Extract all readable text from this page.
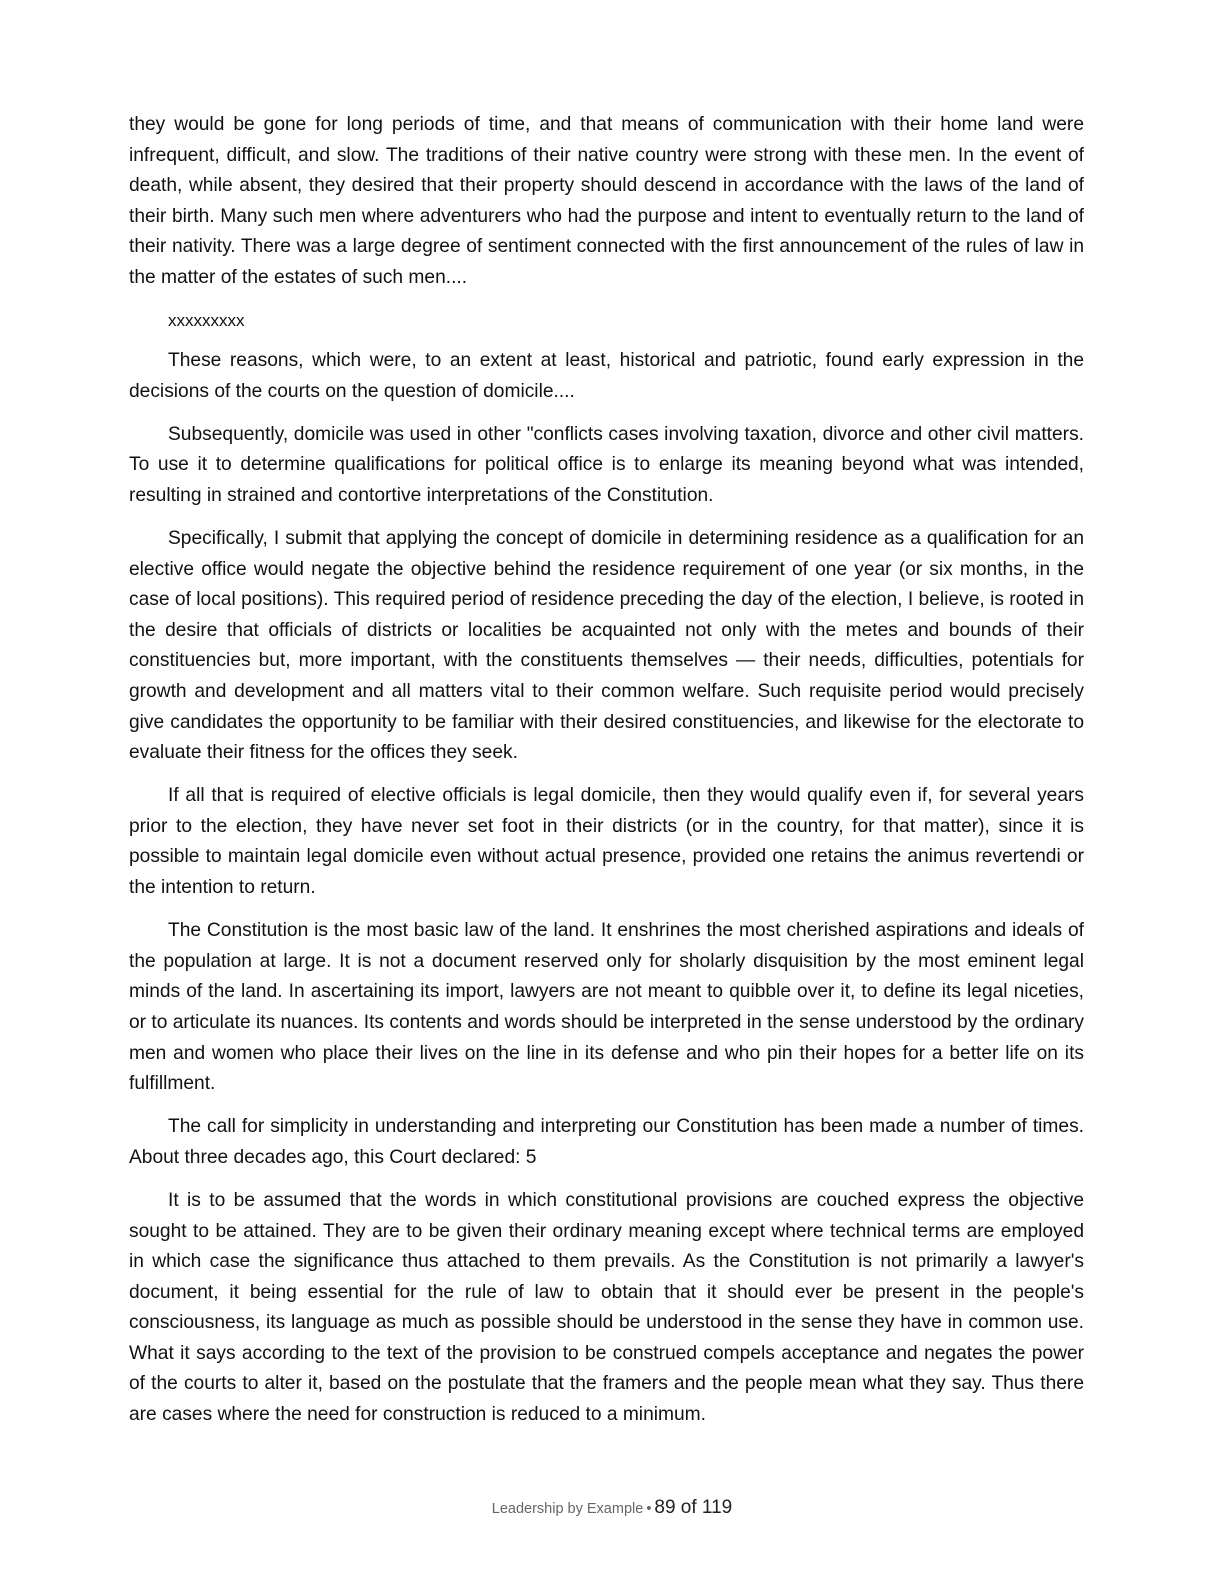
they would be gone for long periods of time, and that means of communication with their home land were infrequent, difficult, and slow. The traditions of their native country were strong with these men. In the event of death, while absent, they desired that their property should descend in accordance with the laws of the land of their birth. Many such men where adventurers who had the purpose and intent to eventually return to the land of their nativity. There was a large degree of sentiment connected with the first announcement of the rules of law in the matter of the estates of such men....

xxxxxxxxx

These reasons, which were, to an extent at least, historical and patriotic, found early expression in the decisions of the courts on the question of domicile....

Subsequently, domicile was used in other "conflicts cases involving taxation, divorce and other civil matters. To use it to determine qualifications for political office is to enlarge its meaning beyond what was intended, resulting in strained and contortive interpretations of the Constitution.

Specifically, I submit that applying the concept of domicile in determining residence as a qualification for an elective office would negate the objective behind the residence requirement of one year (or six months, in the case of local positions). This required period of residence preceding the day of the election, I believe, is rooted in the desire that officials of districts or localities be acquainted not only with the metes and bounds of their constituencies but, more important, with the constituents themselves — their needs, difficulties, potentials for growth and development and all matters vital to their common welfare. Such requisite period would precisely give candidates the opportunity to be familiar with their desired constituencies, and likewise for the electorate to evaluate their fitness for the offices they seek.

If all that is required of elective officials is legal domicile, then they would qualify even if, for several years prior to the election, they have never set foot in their districts (or in the country, for that matter), since it is possible to maintain legal domicile even without actual presence, provided one retains the animus revertendi or the intention to return.

The Constitution is the most basic law of the land. It enshrines the most cherished aspirations and ideals of the population at large. It is not a document reserved only for sholarly disquisition by the most eminent legal minds of the land. In ascertaining its import, lawyers are not meant to quibble over it, to define its legal niceties, or to articulate its nuances. Its contents and words should be interpreted in the sense understood by the ordinary men and women who place their lives on the line in its defense and who pin their hopes for a better life on its fulfillment.

The call for simplicity in understanding and interpreting our Constitution has been made a number of times. About three decades ago, this Court declared: 5

It is to be assumed that the words in which constitutional provisions are couched express the objective sought to be attained. They are to be given their ordinary meaning except where technical terms are employed in which case the significance thus attached to them prevails. As the Constitution is not primarily a lawyer's document, it being essential for the rule of law to obtain that it should ever be present in the people's consciousness, its language as much as possible should be understood in the sense they have in common use. What it says according to the text of the provision to be construed compels acceptance and negates the power of the courts to alter it, based on the postulate that the framers and the people mean what they say. Thus there are cases where the need for construction is reduced to a minimum.

Leadership by Example • 89 of 119
